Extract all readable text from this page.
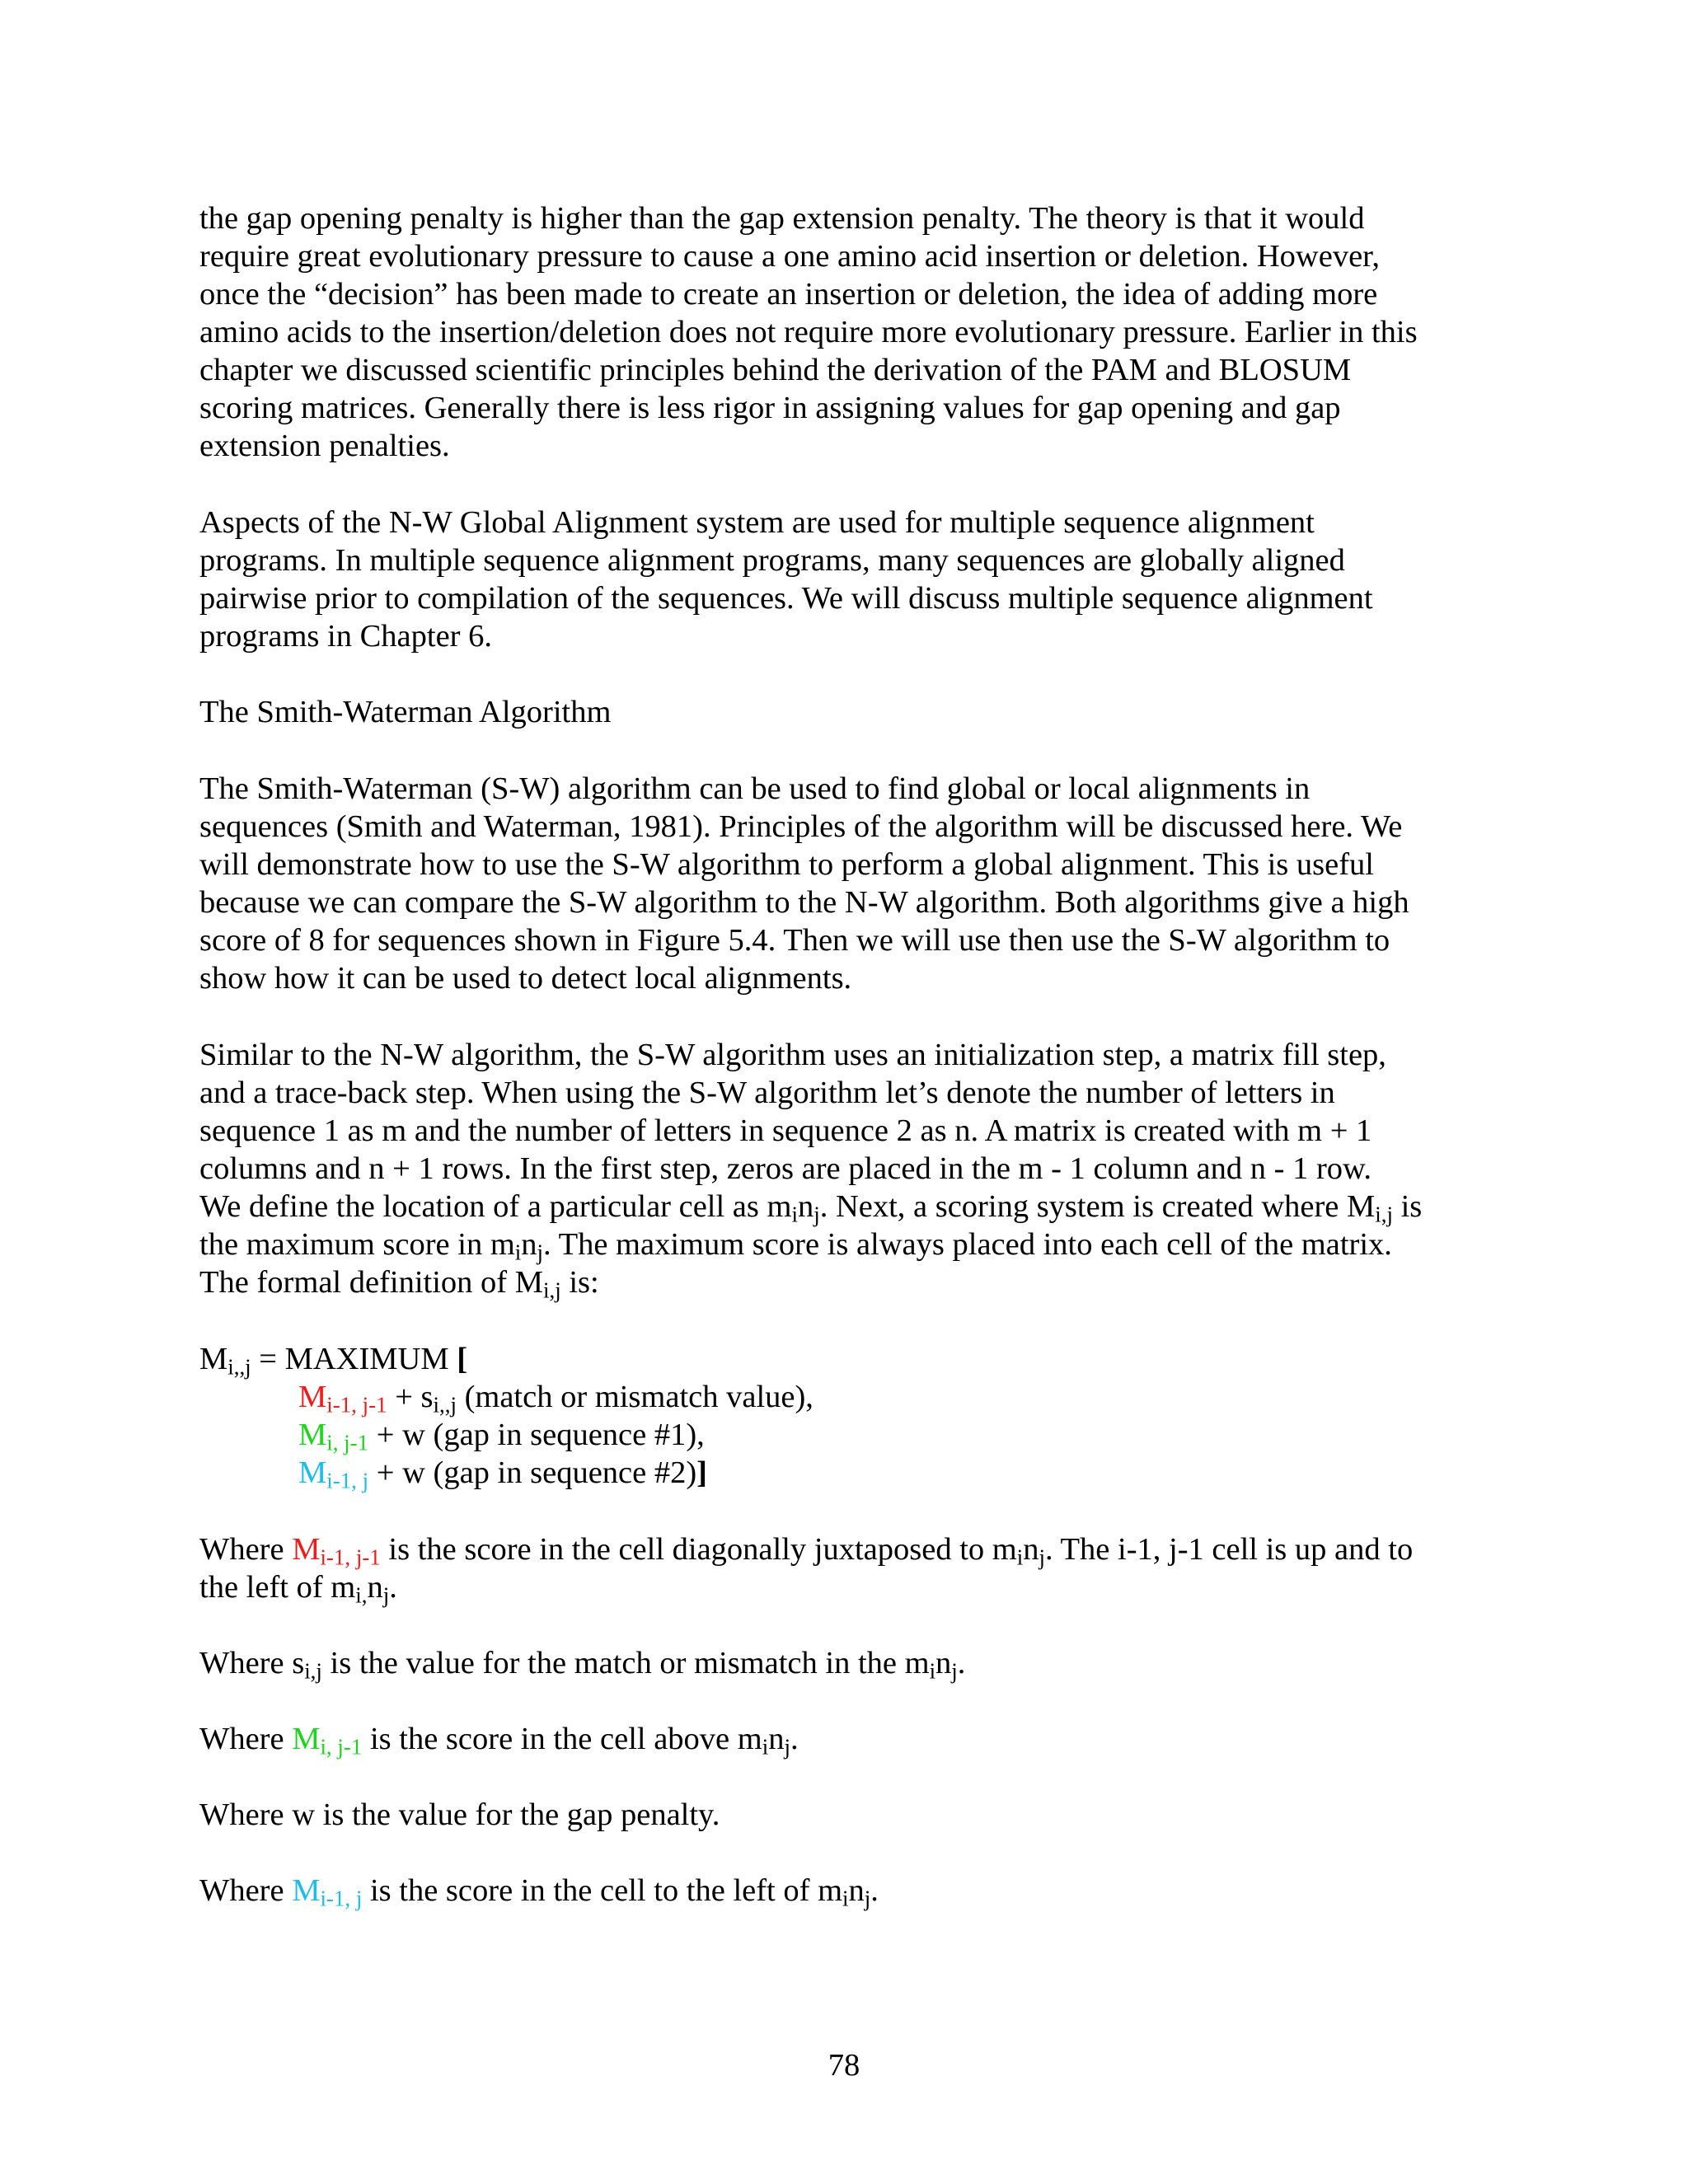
the gap opening penalty is higher than the gap extension penalty. The theory is that it would
require great evolutionary pressure to cause a one amino acid insertion or deletion. However,
once the “decision” has been made to create an insertion or deletion, the idea of adding more
amino acids to the insertion/deletion does not require more evolutionary pressure. Earlier in this
chapter we discussed scientific principles behind the derivation of the PAM and BLOSUM
scoring matrices. Generally there is less rigor in assigning values for gap opening and gap
extension penalties.
Aspects of the N-W Global Alignment system are used for multiple sequence alignment
programs. In multiple sequence alignment programs, many sequences are globally aligned
pairwise prior to compilation of the sequences. We will discuss multiple sequence alignment
programs in Chapter 6.
The Smith-Waterman Algorithm
The Smith-Waterman (S-W) algorithm can be used to find global or local alignments in
sequences (Smith and Waterman, 1981). Principles of the algorithm will be discussed here. We
will demonstrate how to use the S-W algorithm to perform a global alignment. This is useful
because we can compare the S-W algorithm to the N-W algorithm. Both algorithms give a high
score of 8 for sequences shown in Figure 5.4. Then we will use then use the S-W algorithm to
show how it can be used to detect local alignments.
Similar to the N-W algorithm, the S-W algorithm uses an initialization step, a matrix fill step,
and a trace-back step. When using the S-W algorithm let’s denote the number of letters in
sequence 1 as m and the number of letters in sequence 2 as n. A matrix is created with m + 1
columns and n + 1 rows. In the first step, zeros are placed in the m - 1 column and n - 1 row.
We define the location of a particular cell as $m_in_j$. Next, a scoring system is created where $M_{i,j}$ is
the maximum score in $m_in_j$. The maximum score is always placed into each cell of the matrix.
The formal definition of $M_{i,j}$ is:
$M_{i,,j}$ = MAXIMUM [
$M_{i-1, j-1} + s_{i,,j}$ (match or mismatch value),
$M_{i, j-1} + w$ (gap in sequence #1),
$M_{i-1, j} + w$ (gap in sequence #2)]
Where $M_{i-1, j-1}$ is the score in the cell diagonally juxtaposed to $m_in_j$. The i-1, j-1 cell is up and to
the left of $m_{i,}n_j$.
Where $s_{i,j}$ is the value for the match or mismatch in the $m_in_j$.
Where $M_{i, j-1}$ is the score in the cell above $m_in_j$.
Where w is the value for the gap penalty.
Where $M_{i-1, j}$ is the score in the cell to the left of $m_in_j$.
78
